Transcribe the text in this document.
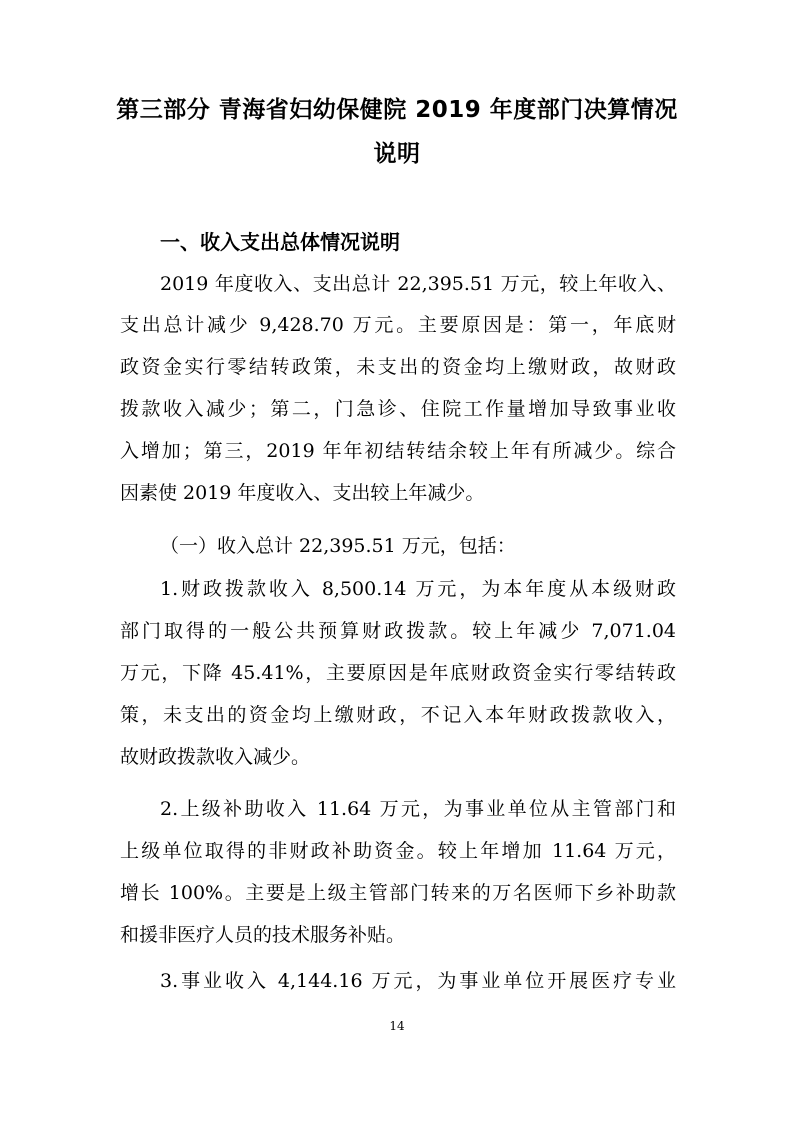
第三部分 青海省妇幼保健院 2019 年度部门决算情况
说明
一、收入支出总体情况说明

2019 年度收入、支出总计 22,395.51 万元，较上年收入、

支出总计减少 9,428.70 万元。主要原因是：第一，年底财

政资金实行零结转政策，未支出的资金均上缴财政，故财政

拨款收入减少；第二，门急诊、住院工作量增加导致事业收

入增加；第三，2019 年年初结转结余较上年有所减少。综合

因素使 2019 年度收入、支出较上年减少。

（一）收入总计 22,395.51 万元，包括：

1.财政拨款收入 8,500.14 万元，为本年度从本级财政

部门取得的一般公共预算财政拨款。较上年减少 7,071.04

万元，下降 45.41%，主要原因是年底财政资金实行零结转政

策，未支出的资金均上缴财政，不记入本年财政拨款收入，

故财政拨款收入减少。

2.上级补助收入 11.64 万元，为事业单位从主管部门和

上级单位取得的非财政补助资金。较上年增加 11.64 万元，

增长 100%。主要是上级主管部门转来的万名医师下乡补助款

和援非医疗人员的技术服务补贴。

3.事业收入 4,144.16 万元，为事业单位开展医疗专业

14
